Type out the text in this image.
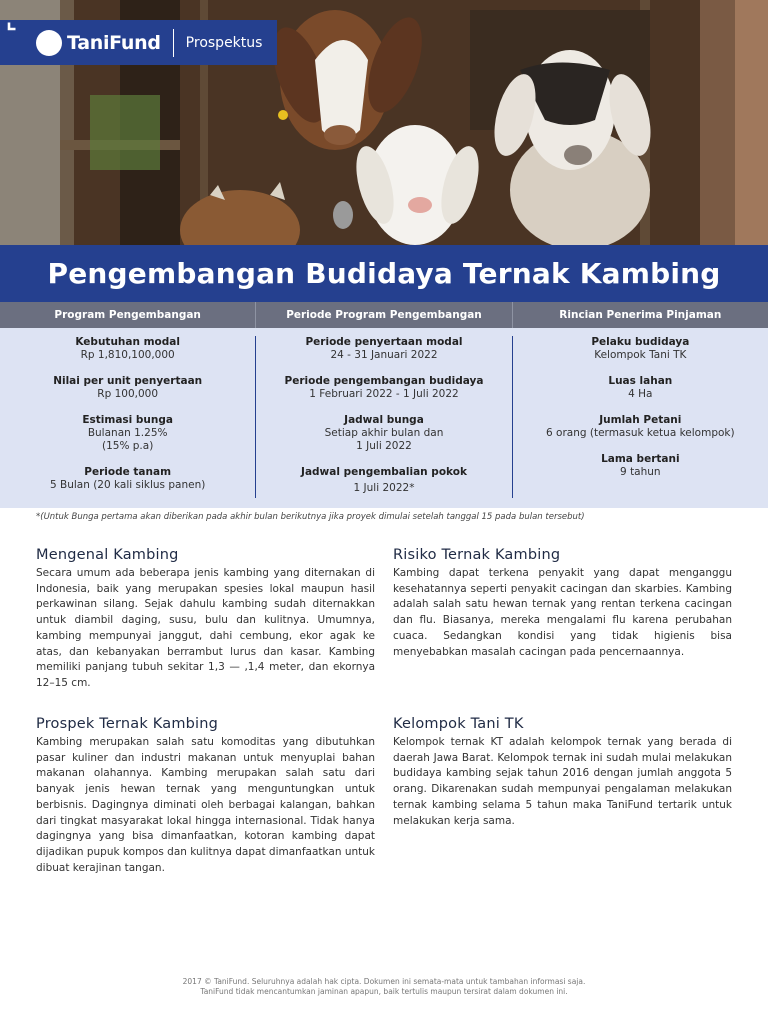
TaniFund Prospektus
Pengembangan Budidaya Ternak Kambing
Program Pengembangan	Periode Program Pengembangan	Rincian Penerima Pinjaman
Kebutuhan modal
Rp 1,810,100,000
Nilai per unit penyertaan
Rp 100,000
Estimasi bunga
Bulanan 1.25%
(15% p.a)
Periode tanam
5 Bulan (20 kali siklus panen)
Periode penyertaan modal
24 - 31 Januari 2022
Periode pengembangan budidaya
1 Februari 2022 - 1 Juli 2022
Jadwal bunga
Setiap akhir bulan dan
1 Juli 2022
Jadwal pengembalian pokok
1 Juli 2022*
Pelaku budidaya
Kelompok Tani TK
Luas lahan
4 Ha
Jumlah Petani
6 orang (termasuk ketua kelompok)
Lama bertani
9 tahun
*(Untuk Bunga pertama akan diberikan pada akhir bulan berikutnya jika proyek dimulai setelah tanggal 15 pada bulan tersebut)
Mengenal Kambing

Secara umum ada beberapa jenis kambing yang diternakan di Indonesia, baik yang merupakan spesies lokal maupun hasil perkawinan silang. Sejak dahulu kambing sudah diternakkan untuk diambil daging, susu, bulu dan kulitnya. Umumnya, kambing mempunyai janggut, dahi cembung, ekor agak ke atas, dan kebanyakan berrambut lurus dan kasar. Kambing memiliki panjang tubuh sekitar 1,3 — ,1,4 meter, dan ekornya 12–15 cm.

Risiko Ternak Kambing

Kambing dapat terkena penyakit yang dapat menganggu kesehatannya seperti penyakit cacingan dan skarbies. Kambing adalah salah satu hewan ternak yang rentan terkena cacingan dan flu. Biasanya, mereka mengalami flu karena perubahan cuaca. Sedangkan kondisi yang tidak higienis bisa menyebabkan masalah cacingan pada pencernaannya.

Prospek Ternak Kambing

Kambing merupakan salah satu komoditas yang dibutuhkan pasar kuliner dan industri makanan untuk menyuplai bahan makanan olahannya. Kambing merupakan salah satu dari banyak jenis hewan ternak yang menguntungkan untuk berbisnis. Dagingnya diminati oleh berbagai kalangan, bahkan dari tingkat masyarakat lokal hingga internasional. Tidak hanya dagingnya yang bisa dimanfaatkan, kotoran kambing dapat dijadikan pupuk kompos dan kulitnya dapat dimanfaatkan untuk dibuat kerajinan tangan.

Kelompok Tani TK

Kelompok ternak KT adalah kelompok ternak yang berada di daerah Jawa Barat. Kelompok ternak ini sudah mulai melakukan budidaya kambing sejak tahun 2016 dengan jumlah anggota 5 orang. Dikarenakan sudah mempunyai pengalaman melakukan ternak kambing selama 5 tahun maka TaniFund tertarik untuk melakukan kerja sama.

2017 © TaniFund. Seluruhnya adalah hak cipta. Dokumen ini semata-mata untuk tambahan informasi saja.
TaniFund tidak mencantumkan jaminan apapun, baik tertulis maupun tersirat dalam dokumen ini.
